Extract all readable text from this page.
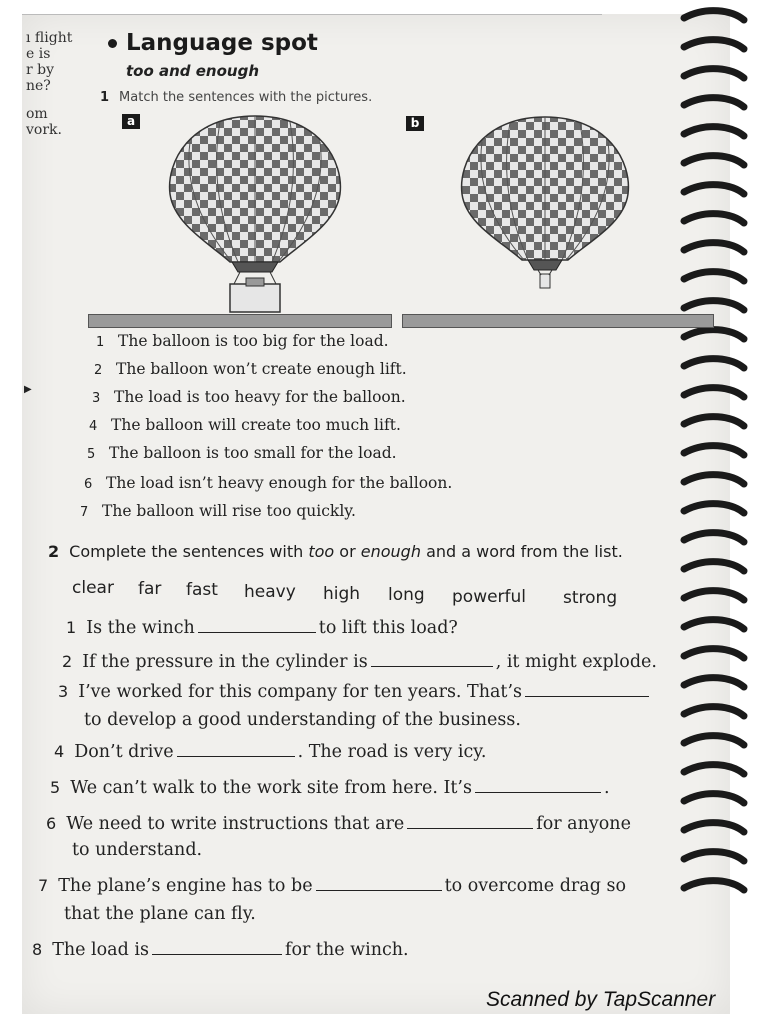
ı flight
e is
r by
ne?
om
vork.
▶
Language spot
too and enough
1 Match the sentences with the pictures.
a	b
1 The balloon is too big for the load.
2 The balloon won’t create enough lift.
3 The load is too heavy for the balloon.
4 The balloon will create too much lift.
5 The balloon is too small for the load.
6 The load isn’t heavy enough for the balloon.
7 The balloon will rise too quickly.
2 Complete the sentences with too or enough and a word from the list.
clear far fast heavy high long powerful strong
1 Is the winch	to lift this load?
2 If the pressure in the cylinder is	, it might explode.
3 I’ve worked for this company for ten years. That’s
to develop a good understanding of the business.
4 Don’t drive	. The road is very icy.
5 We can’t walk to the work site from here. It’s	.
6 We need to write instructions that are	for anyone
to understand.
7 The plane’s engine has to be	to overcome drag so
that the plane can fly.
8 The load is	for the winch.
Scanned by TapScanner
